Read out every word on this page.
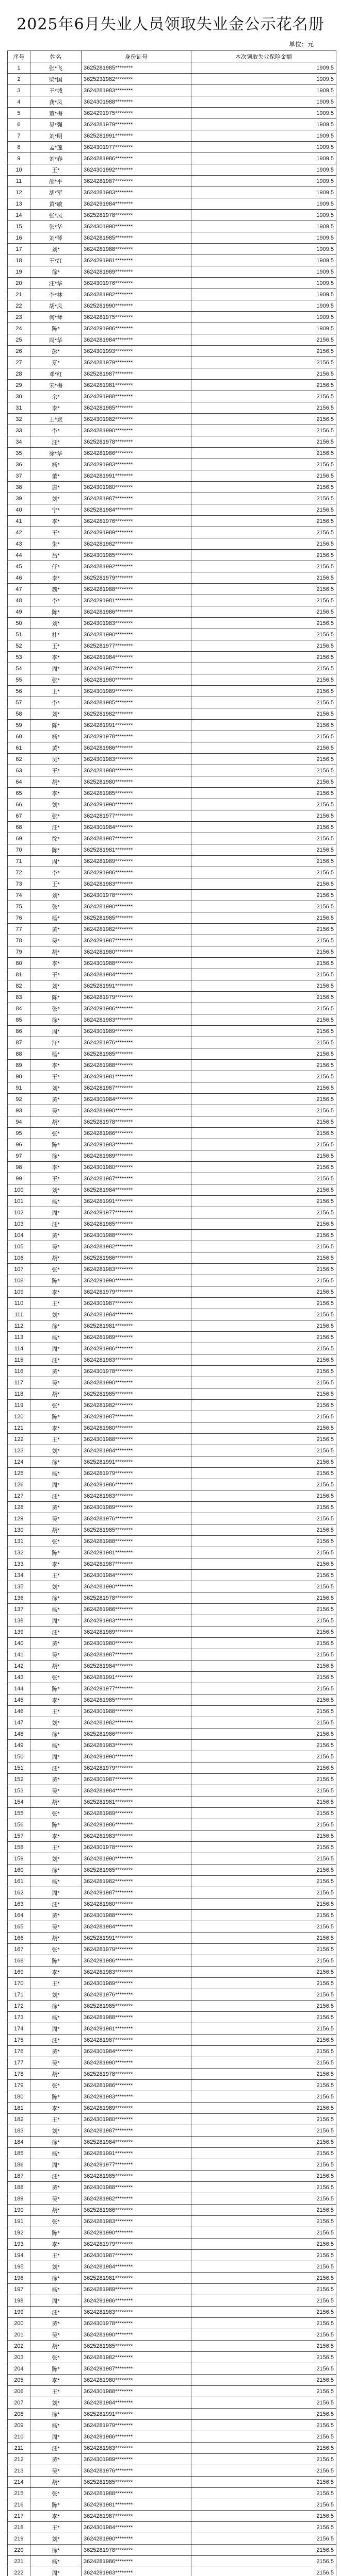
2025年6月失业人员领取失业金公示花名册
单位：元
序号	姓名	身份证号	本次领取失业保险金额
1	张*飞	3625281985********	1909.5
2	梁*国	3625231982********	1909.5
3	王*城	3624281983********	1909.5
4	龚*凤	3624301988********	1909.5
5	董*梅	3624291975********	1909.5
6	吴*强	3624281979********	1909.5
7	刘*明	3625281991********	1909.5
8	孟*莲	3624301977********	1909.5
9	刘*春	3624281986********	1909.5
10	王*	3624301992********	1909.5
11	邵*平	3624281987********	1909.5
12	胡*军	3624281983********	1909.5
13	黄*敏	3624291984********	1909.5
14	张*凤	3625281978********	1909.5
15	张*华	3624301990********	1909.5
16	刘*琴	3624281985********	1909.5
17	刘*	3624281988********	1909.5
18	王*红	3624291981********	1909.5
19	徐*	3624281989********	1909.5
20	汪*华	3624301976********	1909.5
21	李*林	3624281982********	1909.5
22	胡*凤	3625281990********	1909.5
23	何*琴	3624281975********	1909.5
24	陈*	3624291986********	1909.5
25	周*华	3624281984********	2156.5
26	彭*	3624301993********	2156.5
27	夏*	3624281979********	2156.5
28	邓*红	3625281987********	2156.5
29	宋*梅	3624281981********	2156.5
30	余*	3624291988********	2156.5
31	李*	3624281985********	2156.5
32	王*斌	3624301982********	2156.5
33	李*	3624281990********	2156.5
34	汪*	3625281978********	2156.5
35	徐*华	3624281986********	2156.5
36	杨*	3624291983********	2156.5
37	董*	3624281991********	2156.5
38	唐*	3624301980********	2156.5
39	刘*	3624281987********	2156.5
40	宁*	3625281984********	2156.5
41	李*	3624281976********	2156.5
42	王*	3624291989********	2156.5
43	朱*	3624281982********	2156.5
44	吕*	3624301985********	2156.5
45	任*	3624281992********	2156.5
46	李*	3625281979********	2156.5
47	魏*	3624281988********	2156.5
48	李*	3624291981********	2156.5
49	陈*	3624281986********	2156.5
50	刘*	3624301983********	2156.5
51	杜*	3624281990********	2156.5
52	王*	3625281977********	2156.5
53	李*	3624281984********	2156.5
54	周*	3624291987********	2156.5
55	张*	3624281980********	2156.5
56	王*	3624301989********	2156.5
57	李*	3624281985********	2156.5
58	刘*	3625281982********	2156.5
59	陈*	3624281991********	2156.5
60	杨*	3624291978********	2156.5
61	黄*	3624281986********	2156.5
62	吴*	3624301983********	2156.5
63	王*	3624281988********	2156.5
64	胡*	3625281980********	2156.5
65	李*	3624281985********	2156.5
66	刘*	3624291990********	2156.5
67	张*	3624281977********	2156.5
68	汪*	3624301984********	2156.5
69	徐*	3624281987********	2156.5
70	陈*	3625281981********	2156.5
71	周*	3624281989********	2156.5
72	李*	3624291986********	2156.5
73	王*	3624281983********	2156.5
74	刘*	3624301978********	2156.5
75	张*	3624281990********	2156.5
76	杨*	3625281985********	2156.5
77	黄*	3624281982********	2156.5
78	吴*	3624291987********	2156.5
79	胡*	3624281980********	2156.5
80	李*	3624301988********	2156.5
81	王*	3624281984********	2156.5
82	刘*	3625281991********	2156.5
83	陈*	3624281979********	2156.5
84	张*	3624291986********	2156.5
85	徐*	3624281983********	2156.5
86	周*	3624301989********	2156.5
87	汪*	3624281976********	2156.5
88	杨*	3625281985********	2156.5
89	李*	3624281988********	2156.5
90	王*	3624291981********	2156.5
91	刘*	3624281987********	2156.5
92	黄*	3624301984********	2156.5
93	吴*	3624281990********	2156.5
94	胡*	3625281978********	2156.5
95	张*	3624281986********	2156.5
96	陈*	3624291983********	2156.5
97	徐*	3624281989********	2156.5
98	李*	3624301980********	2156.5
99	王*	3624281987********	2156.5
100	刘*	3625281984********	2156.5
101	杨*	3624281991********	2156.5
102	周*	3624291977********	2156.5
103	汪*	3624281985********	2156.5
104	黄*	3624301988********	2156.5
105	吴*	3624281982********	2156.5
106	胡*	3625281986********	2156.5
107	张*	3624281983********	2156.5
108	陈*	3624291990********	2156.5
109	李*	3624281979********	2156.5
110	王*	3624301987********	2156.5
111	刘*	3624281984********	2156.5
112	徐*	3625281981********	2156.5
113	杨*	3624281989********	2156.5
114	周*	3624291986********	2156.5
115	汪*	3624281983********	2156.5
116	黄*	3624301978********	2156.5
117	吴*	3624281990********	2156.5
118	胡*	3625281985********	2156.5
119	张*	3624281982********	2156.5
120	陈*	3624291987********	2156.5
121	李*	3624281980********	2156.5
122	王*	3624301988********	2156.5
123	刘*	3624281984********	2156.5
124	徐*	3625281991********	2156.5
125	杨*	3624281979********	2156.5
126	周*	3624291986********	2156.5
127	汪*	3624281983********	2156.5
128	黄*	3624301989********	2156.5
129	吴*	3624281976********	2156.5
130	胡*	3625281985********	2156.5
131	张*	3624281988********	2156.5
132	陈*	3624291981********	2156.5
133	李*	3624281987********	2156.5
134	王*	3624301984********	2156.5
135	刘*	3624281990********	2156.5
136	徐*	3625281978********	2156.5
137	杨*	3624281986********	2156.5
138	周*	3624291983********	2156.5
139	汪*	3624281989********	2156.5
140	黄*	3624301980********	2156.5
141	吴*	3624281987********	2156.5
142	胡*	3625281984********	2156.5
143	张*	3624281991********	2156.5
144	陈*	3624291977********	2156.5
145	李*	3624281985********	2156.5
146	王*	3624301988********	2156.5
147	刘*	3624281982********	2156.5
148	徐*	3625281986********	2156.5
149	杨*	3624281983********	2156.5
150	周*	3624291990********	2156.5
151	汪*	3624281979********	2156.5
152	黄*	3624301987********	2156.5
153	吴*	3624281984********	2156.5
154	胡*	3625281981********	2156.5
155	张*	3624281989********	2156.5
156	陈*	3624291986********	2156.5
157	李*	3624281983********	2156.5
158	王*	3624301978********	2156.5
159	刘*	3624281990********	2156.5
160	徐*	3625281985********	2156.5
161	杨*	3624281982********	2156.5
162	周*	3624291987********	2156.5
163	汪*	3624281980********	2156.5
164	黄*	3624301988********	2156.5
165	吴*	3624281984********	2156.5
166	胡*	3625281991********	2156.5
167	张*	3624281979********	2156.5
168	陈*	3624291986********	2156.5
169	李*	3624281983********	2156.5
170	王*	3624301989********	2156.5
171	刘*	3624281976********	2156.5
172	徐*	3625281985********	2156.5
173	杨*	3624281988********	2156.5
174	周*	3624291981********	2156.5
175	汪*	3624281987********	2156.5
176	黄*	3624301984********	2156.5
177	吴*	3624281990********	2156.5
178	胡*	3625281978********	2156.5
179	张*	3624281986********	2156.5
180	陈*	3624291983********	2156.5
181	李*	3624281989********	2156.5
182	王*	3624301980********	2156.5
183	刘*	3624281987********	2156.5
184	徐*	3625281984********	2156.5
185	杨*	3624281991********	2156.5
186	周*	3624291977********	2156.5
187	汪*	3624281985********	2156.5
188	黄*	3624301988********	2156.5
189	吴*	3624281982********	2156.5
190	胡*	3625281986********	2156.5
191	张*	3624281983********	2156.5
192	陈*	3624291990********	2156.5
193	李*	3624281979********	2156.5
194	王*	3624301987********	2156.5
195	刘*	3624281984********	2156.5
196	徐*	3625281981********	2156.5
197	杨*	3624281989********	2156.5
198	周*	3624291986********	2156.5
199	汪*	3624281983********	2156.5
200	黄*	3624301978********	2156.5
201	吴*	3624281990********	2156.5
202	胡*	3625281985********	2156.5
203	张*	3624281982********	2156.5
204	陈*	3624291987********	2156.5
205	李*	3624281980********	2156.5
206	王*	3624301988********	2156.5
207	刘*	3624281984********	2156.5
208	徐*	3625281991********	2156.5
209	杨*	3624281979********	2156.5
210	周*	3624291986********	2156.5
211	汪*	3624281983********	2156.5
212	黄*	3624301989********	2156.5
213	吴*	3624281976********	2156.5
214	胡*	3625281985********	2156.5
215	张*	3624281988********	2156.5
216	陈*	3624291981********	2156.5
217	李*	3624281987********	2156.5
218	王*	3624301984********	2156.5
219	刘*	3624281990********	2156.5
220	徐*	3625281978********	2156.5
221	杨*	3624281986********	2156.5
222	周*	3624291983********	2156.5
